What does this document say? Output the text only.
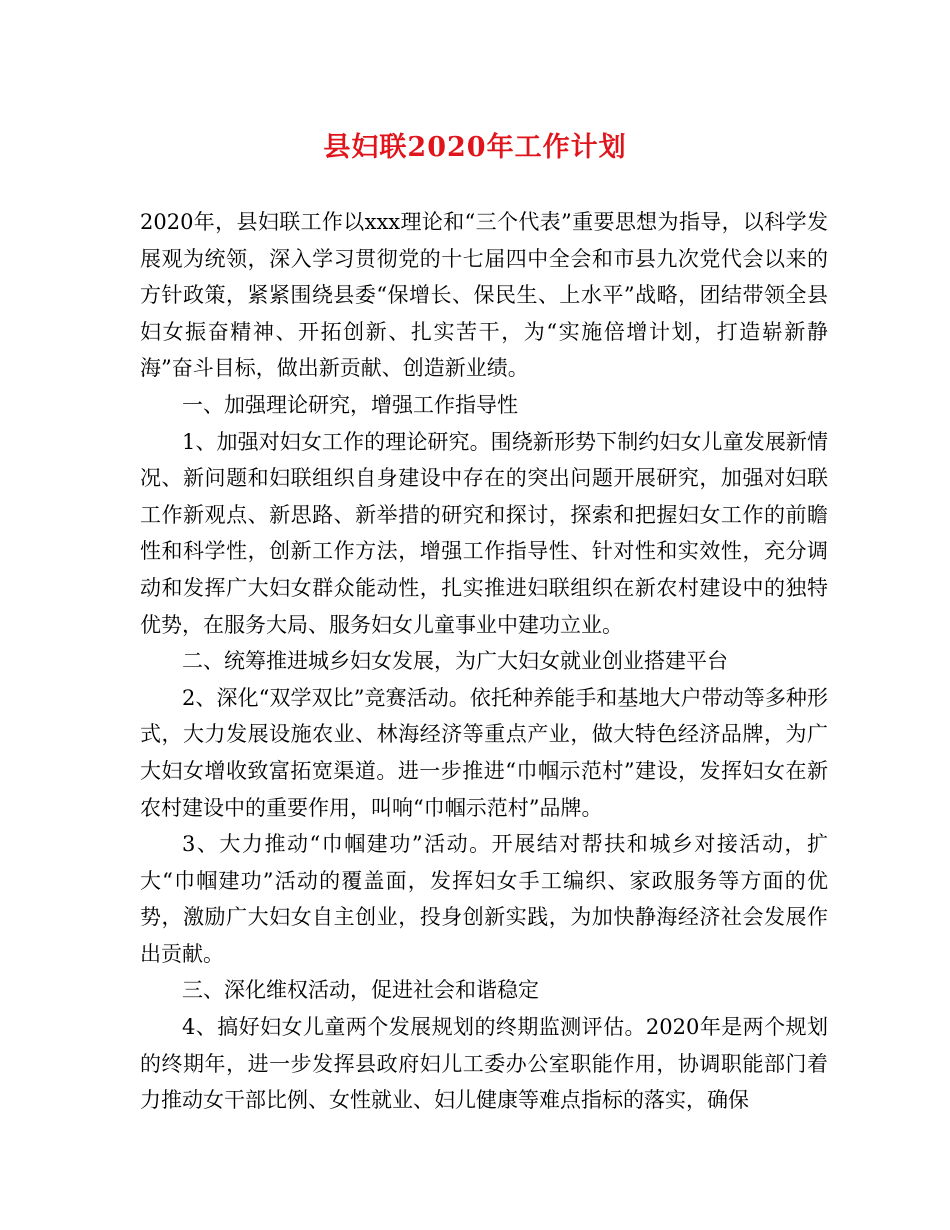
县妇联2020年工作计划

2020年，县妇联工作以xxx理论和“三个代表”重要思想为指导，以科学发展观为统领，深入学习贯彻党的十七届四中全会和市县九次党代会以来的方针政策，紧紧围绕县委“保增长、保民生、上水平”战略，团结带领全县妇女振奋精神、开拓创新、扎实苦干，为“实施倍增计划，打造崭新静海”奋斗目标，做出新贡献、创造新业绩。

一、加强理论研究，增强工作指导性

1、加强对妇女工作的理论研究。围绕新形势下制约妇女儿童发展新情况、新问题和妇联组织自身建设中存在的突出问题开展研究，加强对妇联工作新观点、新思路、新举措的研究和探讨，探索和把握妇女工作的前瞻性和科学性，创新工作方法，增强工作指导性、针对性和实效性，充分调动和发挥广大妇女群众能动性，扎实推进妇联组织在新农村建设中的独特优势，在服务大局、服务妇女儿童事业中建功立业。

二、统筹推进城乡妇女发展，为广大妇女就业创业搭建平台

2、深化“双学双比”竞赛活动。依托种养能手和基地大户带动等多种形式，大力发展设施农业、林海经济等重点产业，做大特色经济品牌，为广大妇女增收致富拓宽渠道。进一步推进“巾帼示范村”建设，发挥妇女在新农村建设中的重要作用，叫响“巾帼示范村”品牌。

3、大力推动“巾帼建功”活动。开展结对帮扶和城乡对接活动，扩大“巾帼建功”活动的覆盖面，发挥妇女手工编织、家政服务等方面的优势，激励广大妇女自主创业，投身创新实践，为加快静海经济社会发展作出贡献。

三、深化维权活动，促进社会和谐稳定

4、搞好妇女儿童两个发展规划的终期监测评估。2020年是两个规划的终期年，进一步发挥县政府妇儿工委办公室职能作用，协调职能部门着力推动女干部比例、女性就业、妇儿健康等难点指标的落实，确保
